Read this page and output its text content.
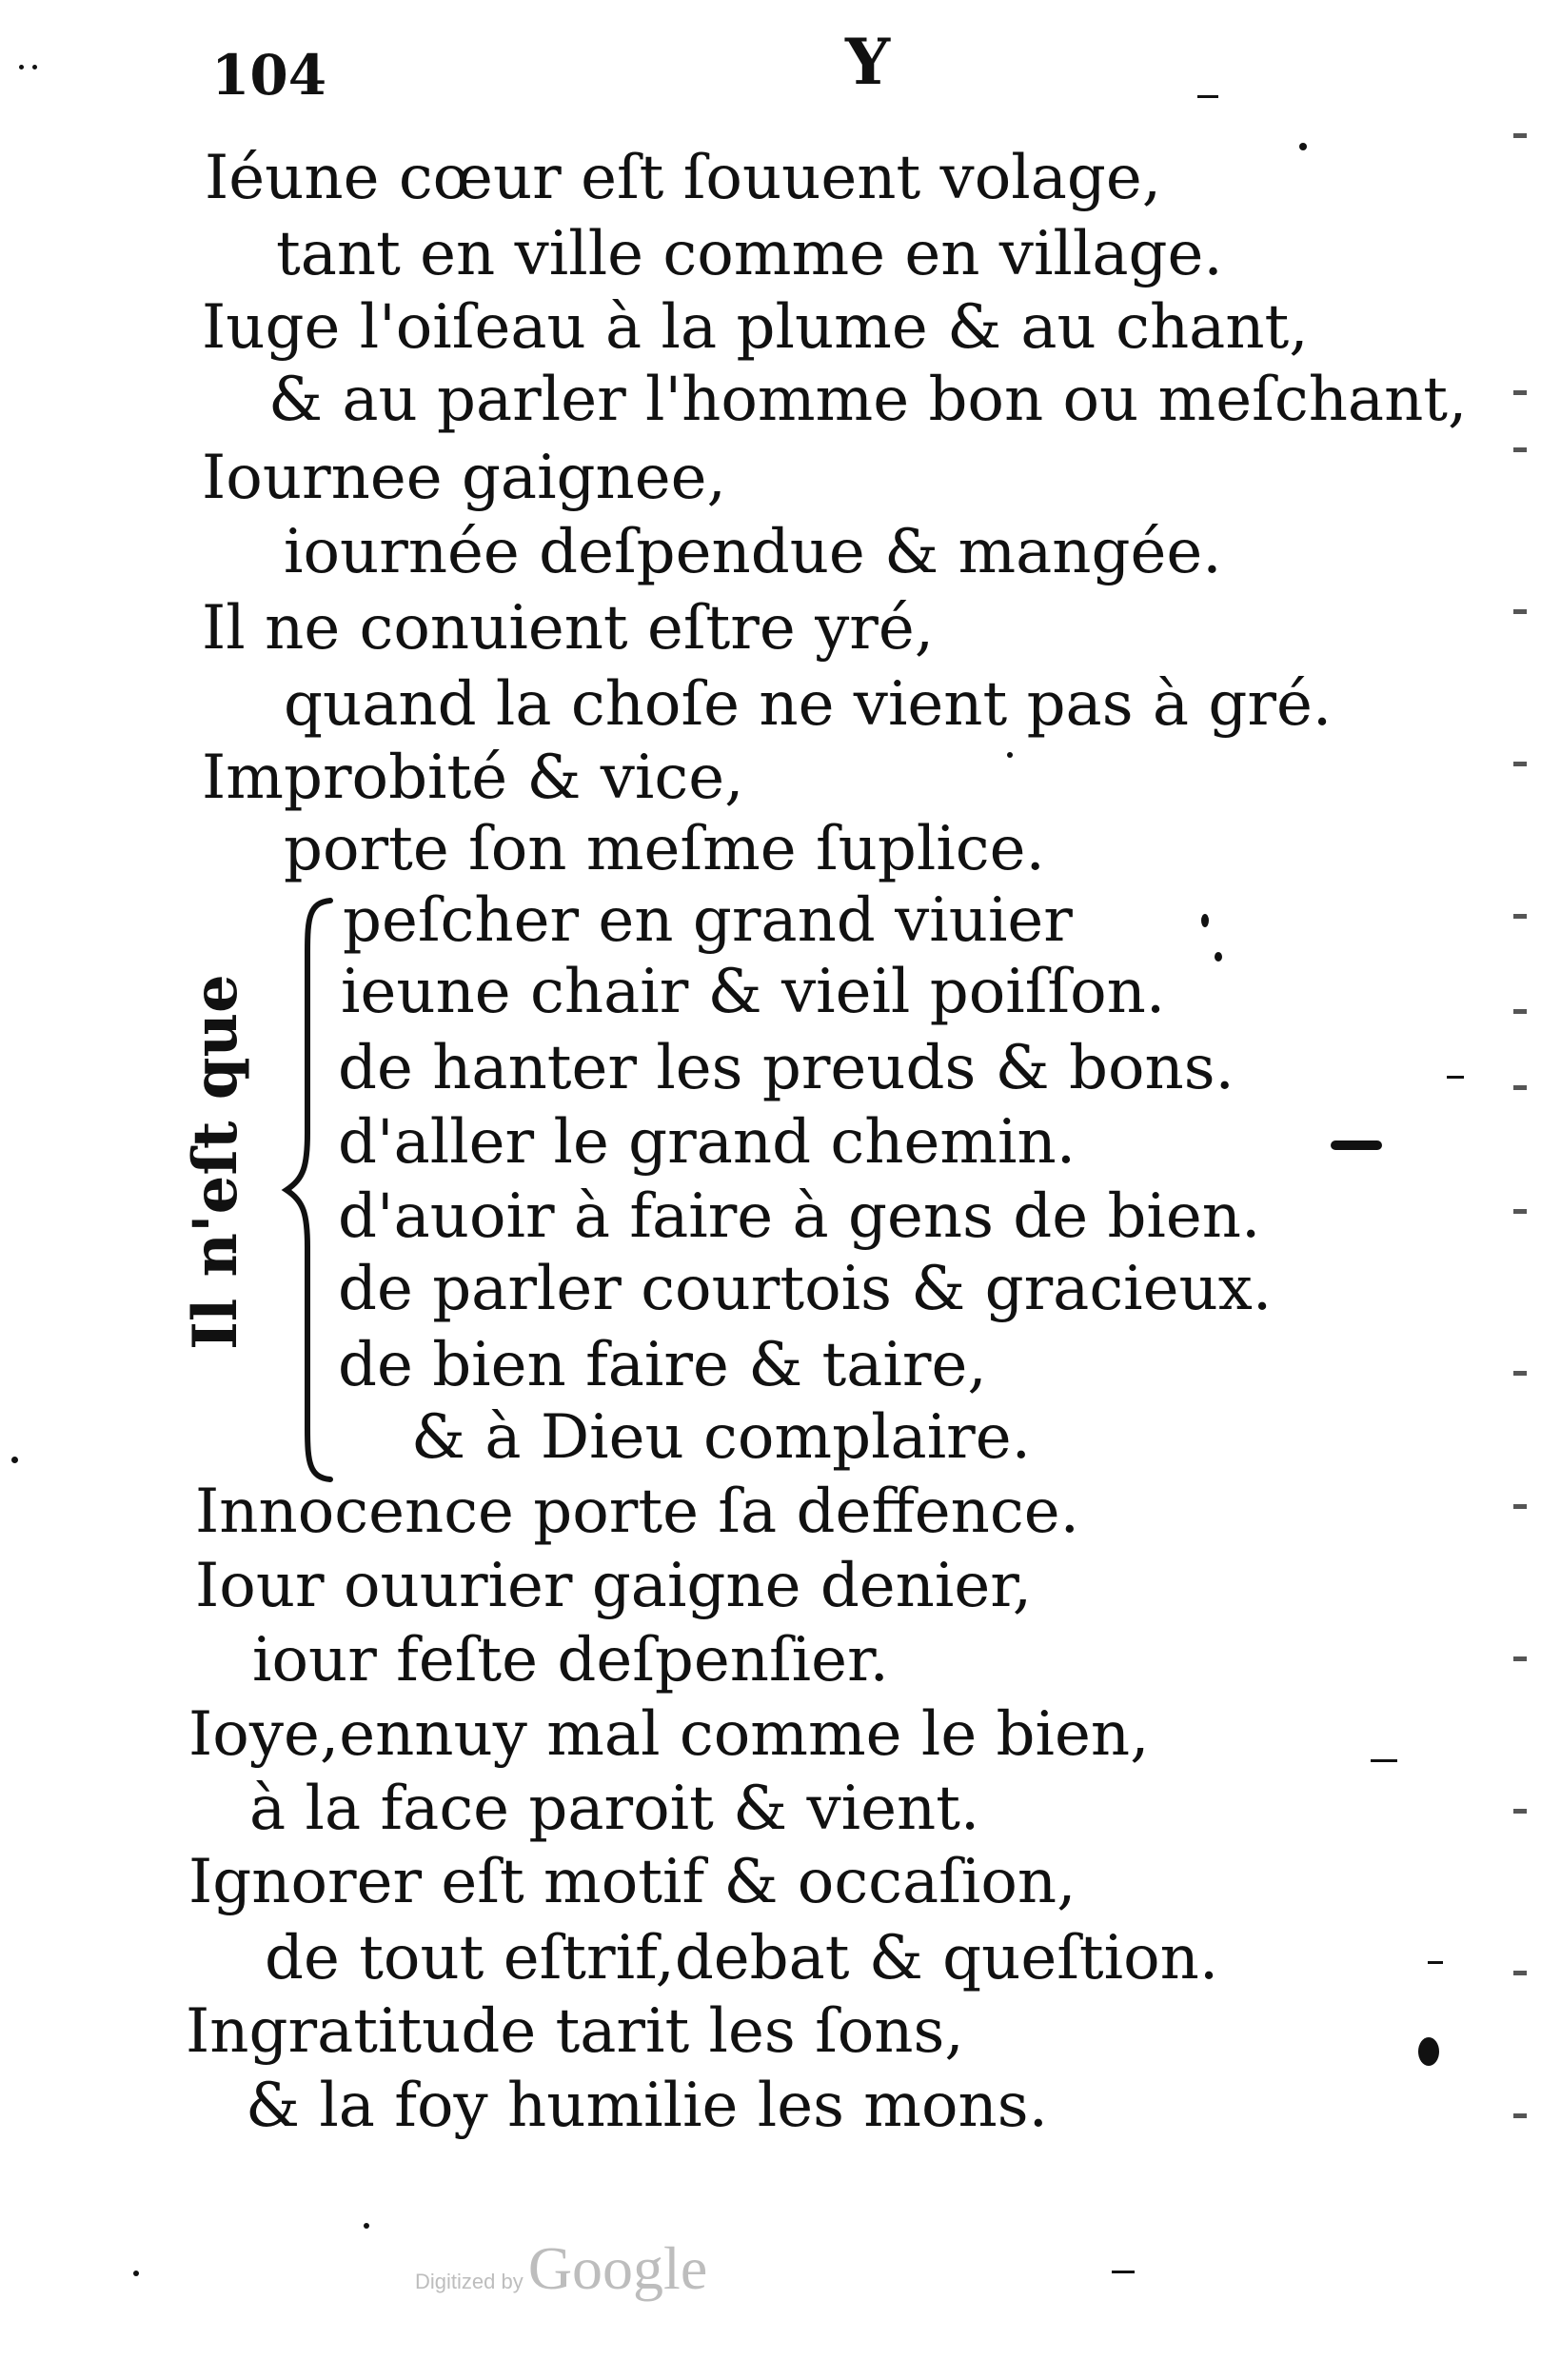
104	Y
Iéune cœur eſt ſouuent volage,
tant en ville comme en village.
Iuge l'oiſeau à la plume & au chant,
& au parler l'homme bon ou meſchant,
Iournee gaignee,
iournée deſpendue & mangée.
Il ne conuient eſtre yré,
quand la choſe ne vient pas à gré.
Improbité & vice,
porte ſon meſme ſuplice.
Il n'eſt que
peſcher en grand viuier
ieune chair & vieil poiſſon.
de hanter les preuds & bons.
d'aller le grand chemin.
d'auoir à faire à gens de bien.
de parler courtois & gracieux.
de bien faire & taire,
& à Dieu complaire.
Innocence porte ſa deffence.
Iour ouurier gaigne denier,
iour feſte deſpenſier.
Ioye,ennuy mal comme le bien,
à la face paroit & vient.
Ignorer eſt motif & occaſion,
de tout eſtrif,debat & queſtion.
Ingratitude tarit les ſons,
& la foy humilie les mons.
Digitized by Google
